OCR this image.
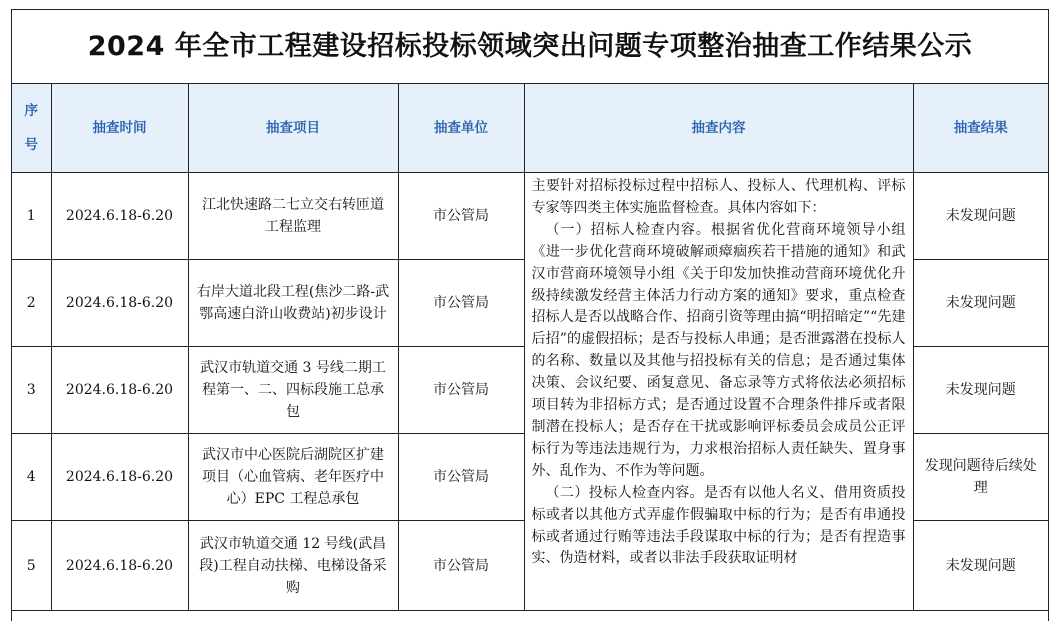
2024 年全市工程建设招标投标领域突出问题专项整治抽查工作结果公示
序号	抽查时间	抽查项目	抽查单位	抽查内容	抽查结果
1	2024.6.18-6.20	江北快速路二七立交右转匝道工程监理	市公管局	主要针对招标投标过程中招标人、投标人、代理机构、评标专家等四类主体实施监督检查。具体内容如下：
（一）招标人检查内容。根据省优化营商环境领导小组《进一步优化营商环境破解顽瘴痼疾若干措施的通知》和武汉市营商环境领导小组《关于印发加快推动营商环境优化升级持续激发经营主体活力行动方案的通知》要求，重点检查招标人是否以战略合作、招商引资等理由搞“明招暗定”“先建后招”的虚假招标；是否与投标人串通；是否泄露潜在投标人的名称、数量以及其他与招投标有关的信息；是否通过集体决策、会议纪要、函复意见、备忘录等方式将依法必须招标项目转为非招标方式；是否通过设置不合理条件排斥或者限制潜在投标人；是否存在干扰或影响评标委员会成员公正评标行为等违法违规行为，力求根治招标人责任缺失、置身事外、乱作为、不作为等问题。
（二）投标人检查内容。是否有以他人名义、借用资质投标或者以其他方式弄虚作假骗取中标的行为；是否有串通投标或者通过行贿等违法手段谋取中标的行为；是否有捏造事实、伪造材料，或者以非法手段获取证明材	未发现问题
2	2024.6.18-6.20	右岸大道北段工程(焦沙二路-武鄂高速白浒山收费站)初步设计	市公管局		未发现问题
3	2024.6.18-6.20	武汉市轨道交通 3 号线二期工程第一、二、四标段施工总承包	市公管局		未发现问题
4	2024.6.18-6.20	武汉市中心医院后湖院区扩建项目（心血管病、老年医疗中心）EPC 工程总承包	市公管局		发现问题待后续处理
5	2024.6.18-6.20	武汉市轨道交通 12 号线(武昌段)工程自动扶梯、电梯设备采购	市公管局		未发现问题
